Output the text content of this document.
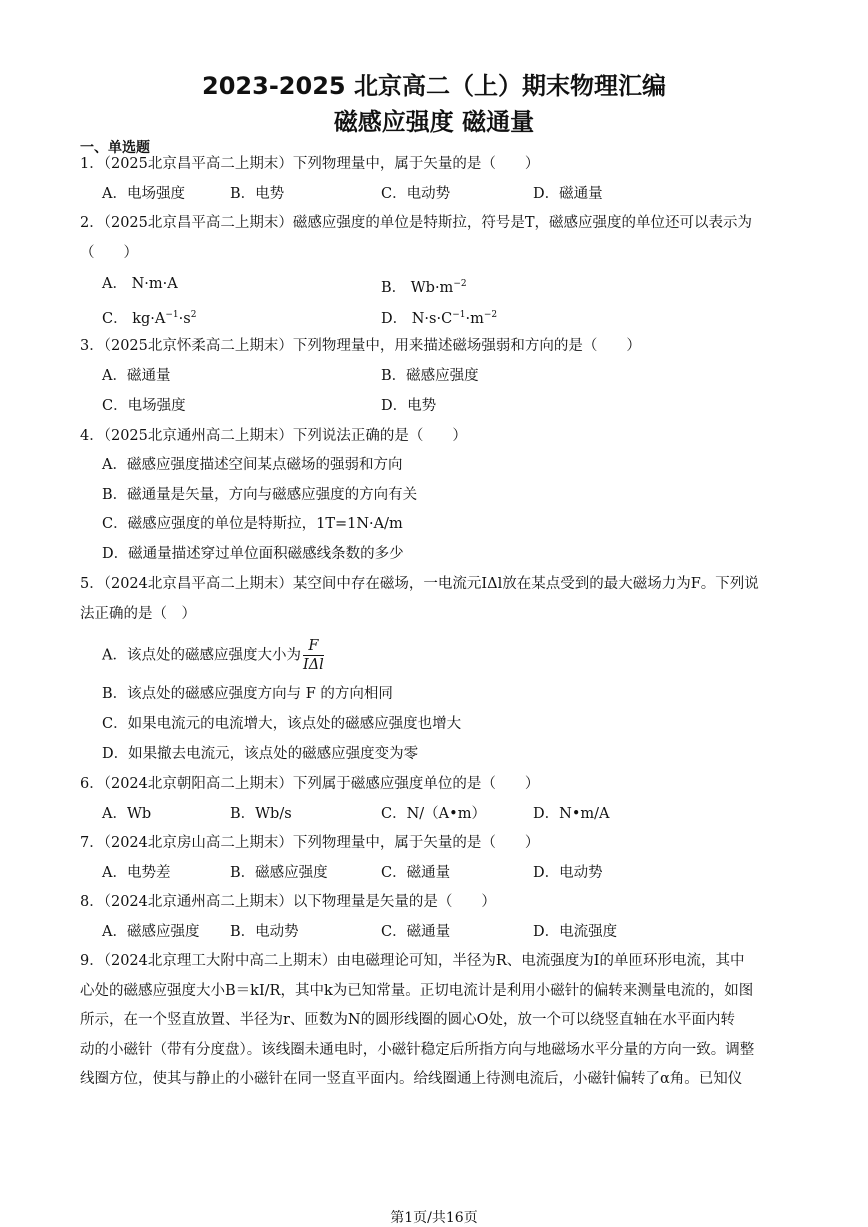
2023-2025 北京高二（上）期末物理汇编
磁感应强度 磁通量
一、单选题
1．（2025北京昌平高二上期末）下列物理量中，属于矢量的是（　　）
A．电场强度	B．电势	C．电动势	D．磁通量
2．（2025北京昌平高二上期末）磁感应强度的单位是特斯拉，符号是T，磁感应强度的单位还可以表示为
（　　）
A． N·m·A	B． $Wb\cdot m^{-2}$
C． $kg\cdot A^{-1}\cdot s^2$	D． $N\cdot s\cdot C^{-1}\cdot m^{-2}$
3．（2025北京怀柔高二上期末）下列物理量中，用来描述磁场强弱和方向的是（　　）
A．磁通量	B．磁感应强度
C．电场强度	D．电势
4．（2025北京通州高二上期末）下列说法正确的是（　　）
A．磁感应强度描述空间某点磁场的强弱和方向
B．磁通量是矢量，方向与磁感应强度的方向有关
C．磁感应强度的单位是特斯拉，1T=1N·A/m
D．磁通量描述穿过单位面积磁感线条数的多少
5．（2024北京昌平高二上期末）某空间中存在磁场，一电流元IΔl放在某点受到的最大磁场力为F。下列说
法正确的是（　）
A．该点处的磁感应强度大小为 $\frac{F}{\text{IΔl}}$
B．该点处的磁感应强度方向与 F 的方向相同
C．如果电流元的电流增大，该点处的磁感应强度也增大
D．如果撤去电流元，该点处的磁感应强度变为零
6．（2024北京朝阳高二上期末）下列属于磁感应强度单位的是（　　）
A．Wb	B．Wb/s	C．N/（A•m）	D．N•m/A
7．（2024北京房山高二上期末）下列物理量中，属于矢量的是（　　）
A．电势差	B．磁感应强度	C．磁通量	D．电动势
8．（2024北京通州高二上期末）以下物理量是矢量的是（　　）
A．磁感应强度 B．电动势	C．磁通量	D．电流强度
9．（2024北京理工大附中高二上期末）由电磁理论可知，半径为R、电流强度为I的单匝环形电流，其中
心处的磁感应强度大小B＝kI/R，其中k为已知常量。正切电流计是利用小磁针的偏转来测量电流的，如图
所示，在一个竖直放置、半径为r、匝数为N的圆形线圈的圆心O处，放一个可以绕竖直轴在水平面内转
动的小磁针（带有分度盘）。该线圈未通电时，小磁针稳定后所指方向与地磁场水平分量的方向一致。调整
线圈方位，使其与静止的小磁针在同一竖直平面内。给线圈通上待测电流后，小磁针偏转了α角。已知仪
第1页/共16页
